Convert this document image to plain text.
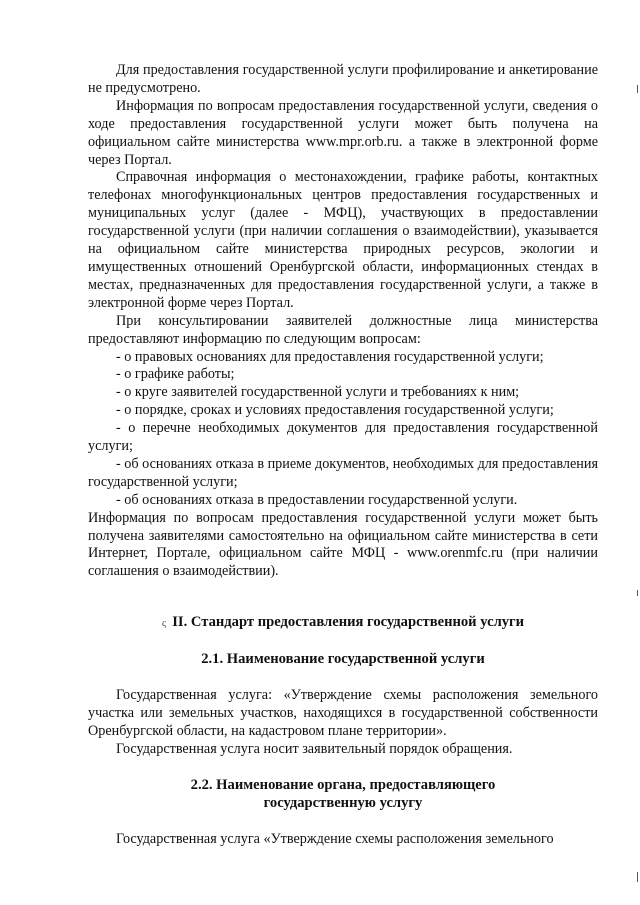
Для предоставления государственной услуги профилирование и анкетирование не предусмотрено.

Информация по вопросам предоставления государственной услуги, сведения о ходе предоставления государственной услуги может быть получена на официальном сайте министерства www.mpr.orb.ru. а также в электронной форме через Портал.

Справочная информация о местонахождении, графике работы, контактных телефонах многофункциональных центров предоставления государственных и муниципальных услуг (далее - МФЦ), участвующих в предоставлении государственной услуги (при наличии соглашения о взаимодействии), указывается на официальном сайте министерства природных ресурсов, экологии и имущественных отношений Оренбургской области, информационных стендах в местах, предназначенных для предоставления государственной услуги, а также в электронной форме через Портал.

При консультировании заявителей должностные лица министерства предоставляют информацию по следующим вопросам:

- о правовых основаниях для предоставления государственной услуги;

- о графике работы;

- о круге заявителей государственной услуги и требованиях к ним;

- о порядке, сроках и условиях предоставления государственной услуги;

- о перечне необходимых документов для предоставления государственной услуги;

- об основаниях отказа в приеме документов, необходимых для предоставления государственной услуги;

- об основаниях отказа в предоставлении государственной услуги.

Информация по вопросам предоставления государственной услуги может быть получена заявителями самостоятельно на официальном сайте министерства в сети Интернет, Портале, официальном сайте МФЦ - www.orenmfc.ru (при наличии соглашения о взаимодействии).

ς II. Стандарт предоставления государственной услуги

2.1. Наименование государственной услуги

Государственная услуга: «Утверждение схемы расположения земельного участка или земельных участков, находящихся в государственной собственности Оренбургской области, на кадастровом плане территории».

Государственная услуга носит заявительный порядок обращения.

2.2. Наименование органа, предоставляющего
государственную услугу

Государственная услуга «Утверждение схемы расположения земельного
